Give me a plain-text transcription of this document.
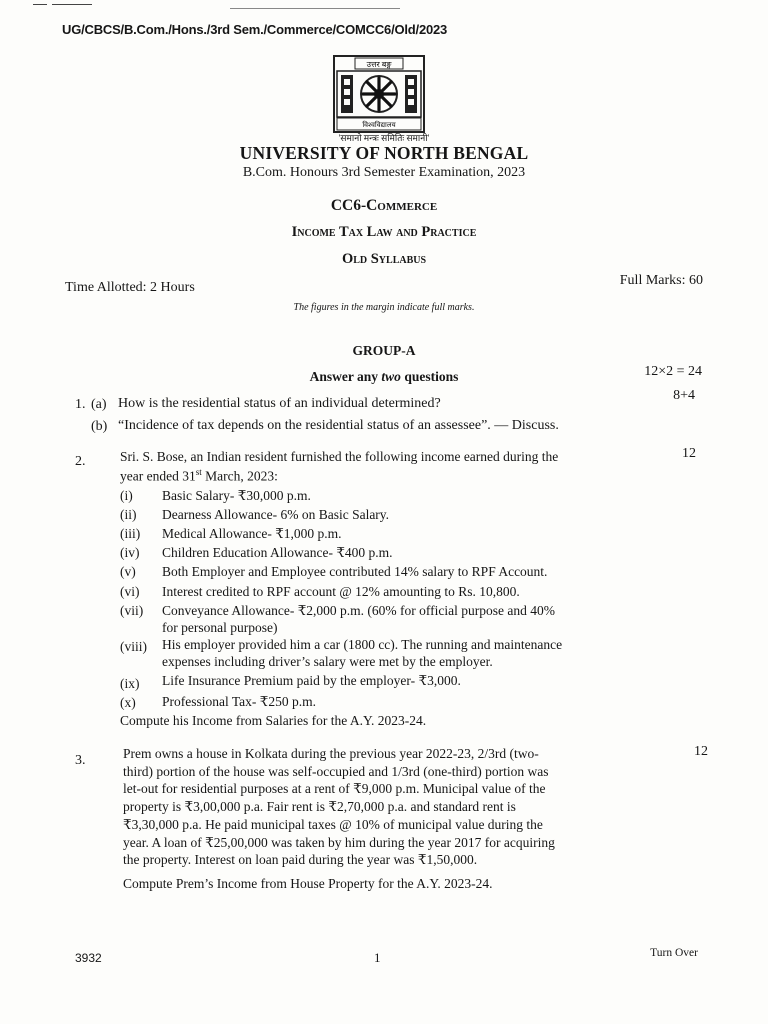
UG/CBCS/B.Com./Hons./3rd Sem./Commerce/COMCC6/Old/2023
उत्तर बङ्ग
विश्वविद्यालय
'समानो मन्त्रः समितिः समानी'
UNIVERSITY OF NORTH BENGAL
B.Com. Honours 3rd Semester Examination, 2023
CC6-Commerce
Income Tax Law and Practice
Old Syllabus
Time Allotted: 2 Hours	Full Marks: 60
The figures in the margin indicate full marks.
GROUP-A
Answer any two questions	12×2 = 24
1. (a) How is the residential status of an individual determined?
8+4
(b) “Incidence of tax depends on the residential status of an assessee”. — Discuss.
2.
12
Sri. S. Bose, an Indian resident furnished the following income earned during the
year ended 31st March, 2023:
(i) Basic Salary- ₹30,000 p.m.
(ii) Dearness Allowance- 6% on Basic Salary.
(iii) Medical Allowance- ₹1,000 p.m.
(iv) Children Education Allowance- ₹400 p.m.
(v) Both Employer and Employee contributed 14% salary to RPF Account.
(vi) Interest credited to RPF account @ 12% amounting to Rs. 10,800.
(vii) Conveyance Allowance- ₹2,000 p.m. (60% for official purpose and 40%
for personal purpose)
(viii) His employer provided him a car (1800 cc). The running and maintenance
expenses including driver’s salary were met by the employer.
(ix) Life Insurance Premium paid by the employer- ₹3,000.
(x) Professional Tax- ₹250 p.m.
Compute his Income from Salaries for the A.Y. 2023-24.
3.
12
Prem owns a house in Kolkata during the previous year 2022-23, 2/3rd (two-
third) portion of the house was self-occupied and 1/3rd (one-third) portion was
let-out for residential purposes at a rent of ₹9,000 p.m. Municipal value of the
property is ₹3,00,000 p.a. Fair rent is ₹2,70,000 p.a. and standard rent is
₹3,30,000 p.a. He paid municipal taxes @ 10% of municipal value during the
year. A loan of ₹25,00,000 was taken by him during the year 2017 for acquiring
the property. Interest on loan paid during the year was ₹1,50,000.
Compute Prem’s Income from House Property for the A.Y. 2023-24.
3932	1	Turn Over
